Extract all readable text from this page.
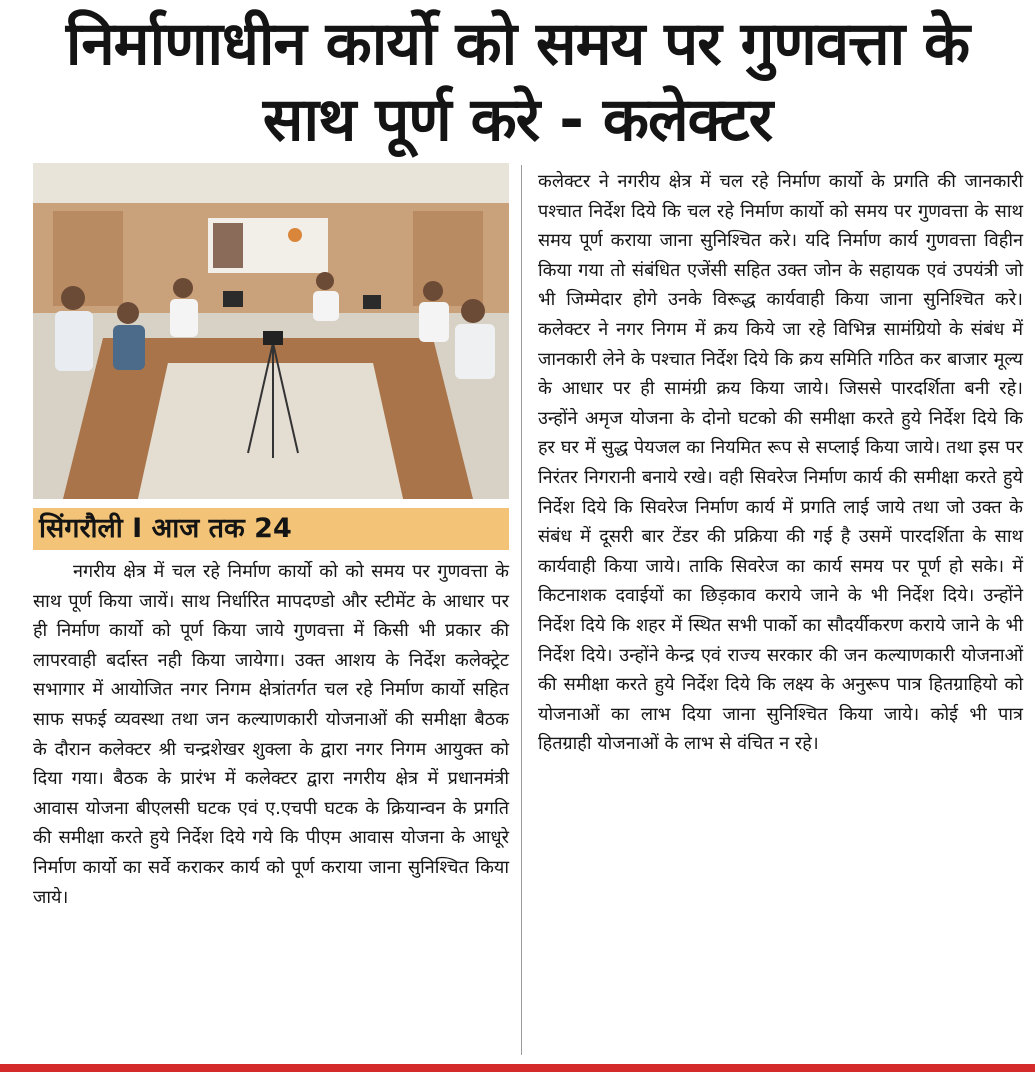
निर्माणाधीन कार्यो को समय पर गुणवत्ता के साथ पूर्ण करे - कलेक्टर
सिंगरौली I आज तक 24

नगरीय क्षेत्र में चल रहे निर्माण कार्यो को को समय पर गुणवत्ता के साथ पूर्ण किया जायें। साथ निर्धारित मापदण्डो और स्टीमेंट के आधार पर ही निर्माण कार्यो को पूर्ण किया जाये गुणवत्ता में किसी भी प्रकार की लापरवाही बर्दास्त नही किया जायेगा। उक्त आशय के निर्देश कलेक्ट्रेट सभागार में आयोजित नगर निगम क्षेत्रांतर्गत चल रहे निर्माण कार्यो सहित साफ सफई व्यवस्था तथा जन कल्याणकारी योजनाओं की समीक्षा बैठक के दौरान कलेक्टर श्री चन्द्रशेखर शुक्ला के द्वारा नगर निगम आयुक्त को दिया गया। बैठक के प्रारंभ में कलेक्टर द्वारा नगरीय क्षेत्र में प्रधानमंत्री आवास योजना बीएलसी घटक एवं ए.एचपी घटक के क्रियान्वन के प्रगति की समीक्षा करते हुये निर्देश दिये गये कि पीएम आवास योजना के आधूरे निर्माण कार्यो का सर्वे कराकर कार्य को पूर्ण कराया जाना सुनिश्चित किया जाये।

कलेक्टर ने नगरीय क्षेत्र में चल रहे निर्माण कार्यो के प्रगति की जानकारी पश्चात निर्देश दिये कि चल रहे निर्माण कार्यो को समय पर गुणवत्ता के साथ समय पूर्ण कराया जाना सुनिश्चित करे। यदि निर्माण कार्य गुणवत्ता विहीन किया गया तो संबंधित एजेंसी सहित उक्त जोन के सहायक एवं उपयंत्री जो भी जिम्मेदार होगे उनके विरूद्ध कार्यवाही किया जाना सुनिश्चित करे। कलेक्टर ने नगर निगम में क्रय किये जा रहे विभिन्न सामंग्रियो के संबंध में जानकारी लेने के पश्चात निर्देश दिये कि क्रय समिति गठित कर बाजार मूल्य के आधार पर ही सामंग्री क्रय किया जाये। जिससे पारदर्शिता बनी रहे। उन्होंने अमृज योजना के दोनो घटको की समीक्षा करते हुये निर्देश दिये कि हर घर में सुद्ध पेयजल का नियमित रूप से सप्लाई किया जाये। तथा इस पर निरंतर निगरानी बनाये रखे। वही सिवरेज निर्माण कार्य की समीक्षा करते हुये निर्देश दिये कि सिवरेज निर्माण कार्य में प्रगति लाई जाये तथा जो उक्त के संबंध में दूसरी बार टेंडर की प्रक्रिया की गई है उसमें पारदर्शिता के साथ कार्यवाही किया जाये। ताकि सिवरेज का कार्य समय पर पूर्ण हो सके। में किटनाशक दवाईयों का छिड़काव कराये जाने के भी निर्देश दिये। उन्होंने निर्देश दिये कि शहर में स्थित सभी पार्को का सौदर्यीकरण कराये जाने के भी निर्देश दिये। उन्होंने केन्द्र एवं राज्य सरकार की जन कल्याणकारी योजनाओं की समीक्षा करते हुये निर्देश दिये कि लक्ष्य के अनुरूप पात्र हितग्राहियो को योजनाओं का लाभ दिया जाना सुनिश्चित किया जाये। कोई भी पात्र हितग्राही योजनाओं के लाभ से वंचित न रहे।
